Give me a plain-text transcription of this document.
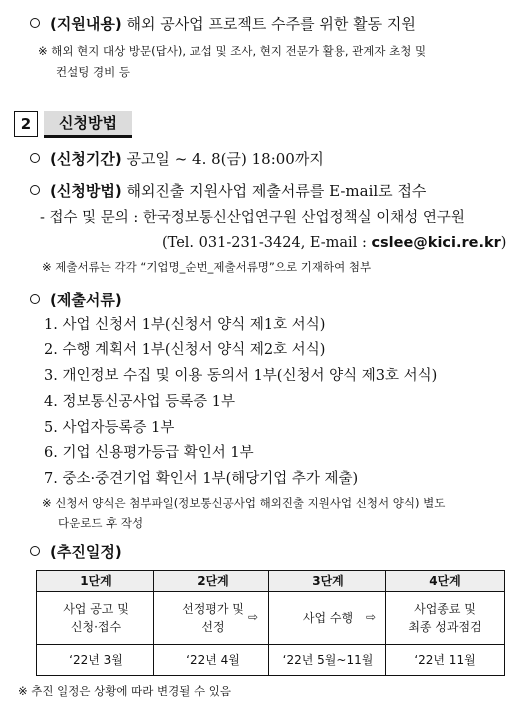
(지원내용) 해외 공사업 프로젝트 수주를 위한 활동 지원
※ 해외 현지 대상 방문(답사), 교섭 및 조사, 현지 전문가 활용, 관계자 초청 및
컨설팅 경비 등
2	신청방법
(신청기간) 공고일 ~ 4. 8(금) 18:00까지
(신청방법) 해외진출 지원사업 제출서류를 E-mail로 접수
- 접수 및 문의 : 한국정보통신산업연구원 산업정책실 이채성 연구원
(Tel. 031-231-3424, E-mail : cslee@kici.re.kr)
※ 제출서류는 각각 “기업명_순번_제출서류명”으로 기재하여 첨부
(제출서류)
1. 사업 신청서 1부(신청서 양식 제1호 서식)
2. 수행 계획서 1부(신청서 양식 제2호 서식)
3. 개인정보 수집 및 이용 동의서 1부(신청서 양식 제3호 서식)
4. 정보통신공사업 등록증 1부
5. 사업자등록증 1부
6. 기업 신용평가등급 확인서 1부
7. 중소·중견기업 확인서 1부(해당기업 추가 제출)
※ 신청서 양식은 첨부파일(정보통신공사업 해외진출 지원사업 신청서 양식) 별도
다운로드 후 작성
(추진일정)
1단계
사업 공고 및
신청·접수
‘22년 3월
2단계
선정평가 및
선정
‘22년 4월
⇨
3단계
사업 수행
‘22년 5월~11월
⇨
4단계
사업종료 및
최종 성과점검
‘22년 11월
※ 추진 일정은 상황에 따라 변경될 수 있음
